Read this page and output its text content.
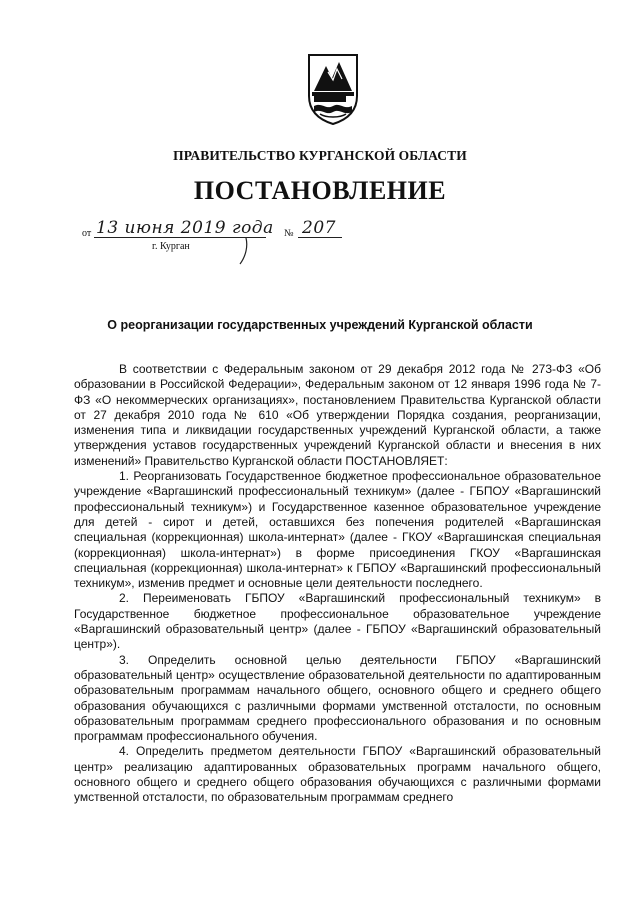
ПРАВИТЕЛЬСТВО КУРГАНСКОЙ ОБЛАСТИ
ПОСТАНОВЛЕНИЕ
от 13 июня 2019 года № 207
г. Курган
О реорганизации государственных учреждений Курганской области

В соответствии с Федеральным законом от 29 декабря 2012 года № 273-ФЗ «Об образовании в Российской Федерации», Федеральным законом от 12 января 1996 года № 7-ФЗ «О некоммерческих организациях», постановлением Правительства Курганской области от 27 декабря 2010 года № 610 «Об утверждении Порядка создания, реорганизации, изменения типа и ликвидации государственных учреждений Курганской области, а также утверждения уставов государственных учреждений Курганской области и внесения в них изменений» Правительство Курганской области ПОСТАНОВЛЯЕТ:

1. Реорганизовать Государственное бюджетное профессиональное образовательное учреждение «Варгашинский профессиональный техникум» (далее - ГБПОУ «Варгашинский профессиональный техникум») и Государственное казенное образовательное учреждение для детей - сирот и детей, оставшихся без попечения родителей «Варгашинская специальная (коррекционная) школа-интернат» (далее - ГКОУ «Варгашинская специальная (коррекционная) школа-интернат») в форме присоединения ГКОУ «Варгашинская специальная (коррекционная) школа-интернат» к ГБПОУ «Варгашинский профессиональный техникум», изменив предмет и основные цели деятельности последнего.

2. Переименовать ГБПОУ «Варгашинский профессиональный техникум» в Государственное бюджетное профессиональное образовательное учреждение «Варгашинский образовательный центр» (далее - ГБПОУ «Варгашинский образовательный центр»).

3. Определить основной целью деятельности ГБПОУ «Варгашинский образовательный центр» осуществление образовательной деятельности по адаптированным образовательным программам начального общего, основного общего и среднего общего образования обучающихся с различными формами умственной отсталости, по основным образовательным программам среднего профессионального образования и по основным программам профессионального обучения.

4. Определить предметом деятельности ГБПОУ «Варгашинский образовательный центр» реализацию адаптированных образовательных программ начального общего, основного общего и среднего общего образования обучающихся с различными формами умственной отсталости, по образовательным программам среднего
